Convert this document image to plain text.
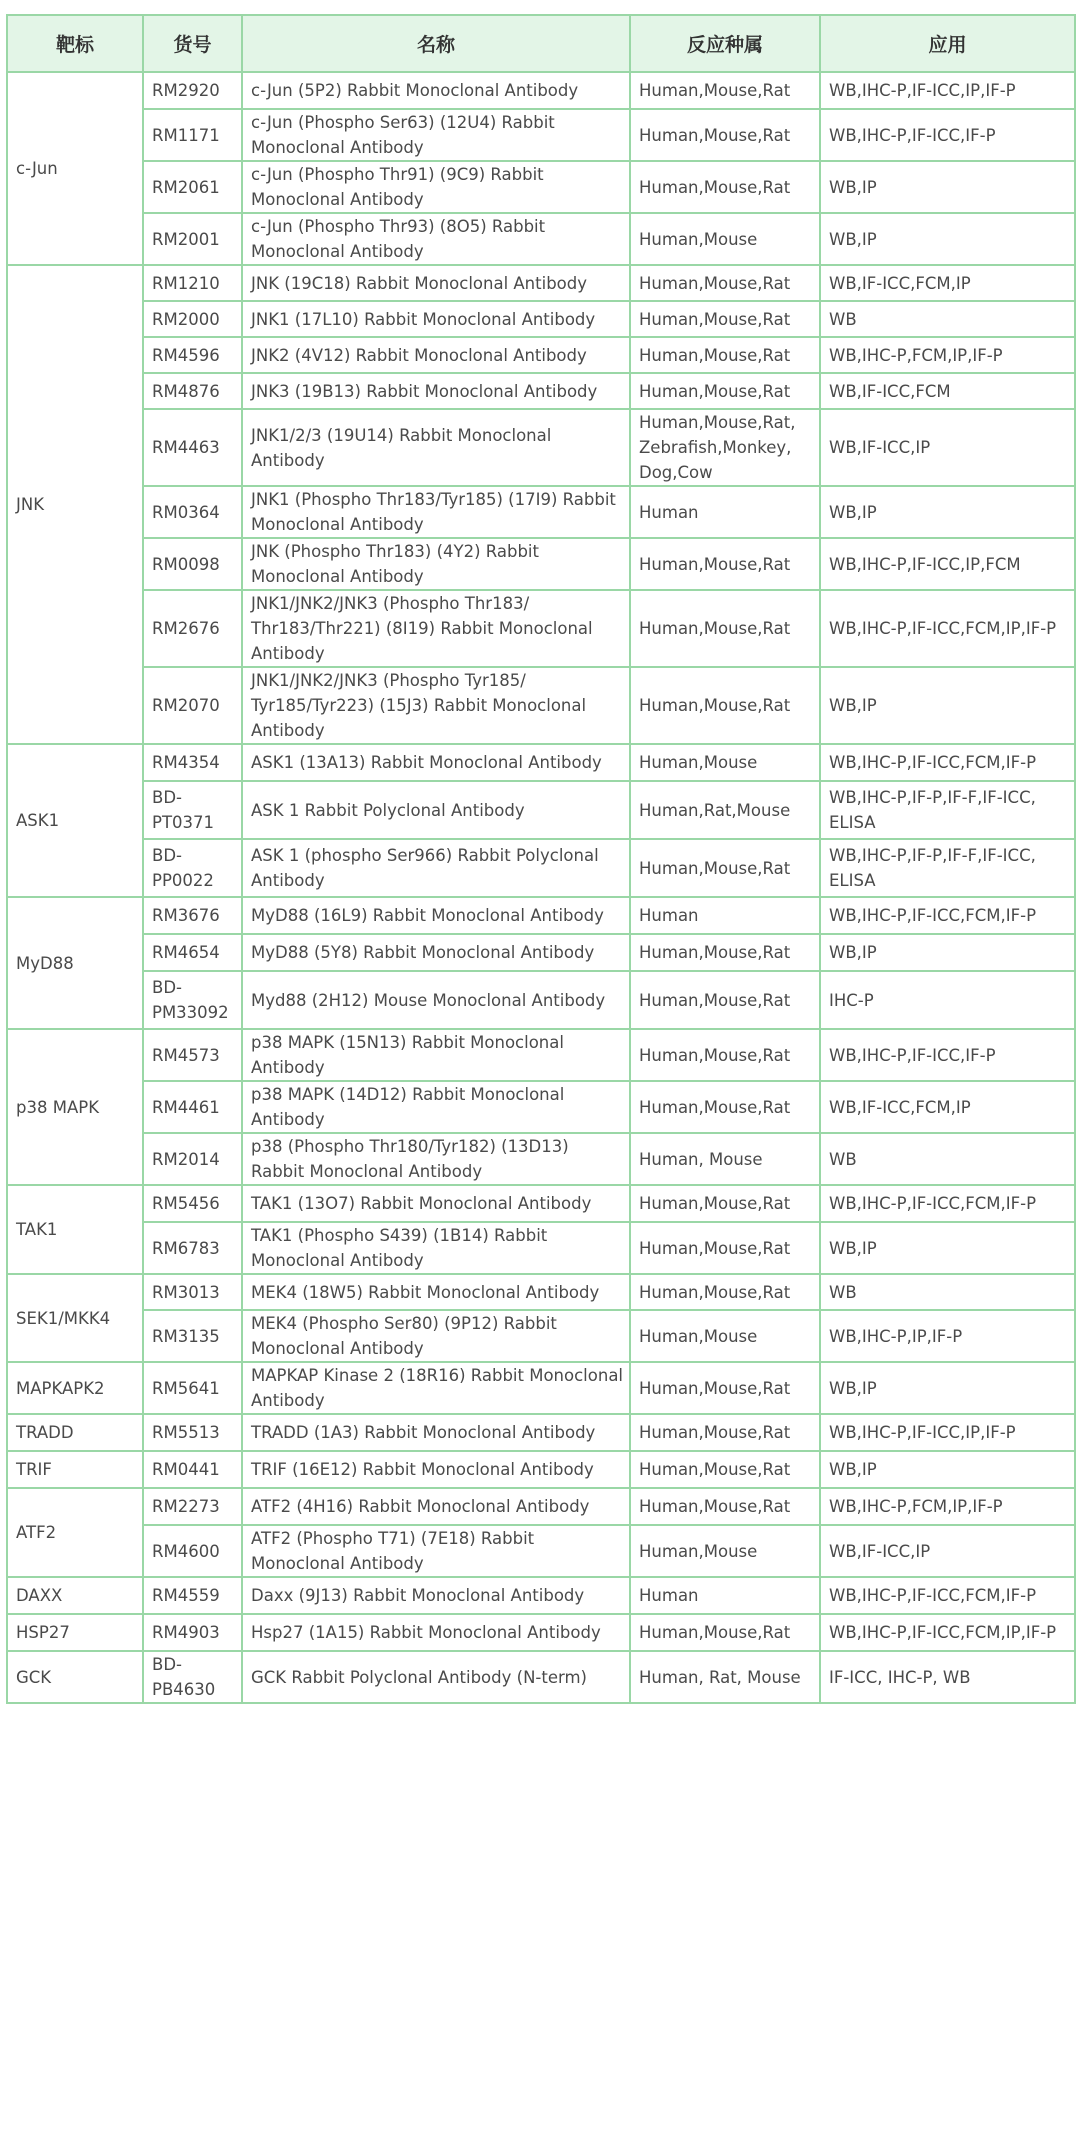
靶标	货号	名称	反应种属	应用
c-Jun	RM2920	c-Jun (5P2) Rabbit Monoclonal Antibody	Human,Mouse,Rat	WB,IHC-P,IF-ICC,IP,IF-P
	RM1171	c-Jun (Phospho Ser63) (12U4) Rabbit Monoclonal Antibody	Human,Mouse,Rat	WB,IHC-P,IF-ICC,IF-P
	RM2061	c-Jun (Phospho Thr91) (9C9) Rabbit Monoclonal Antibody	Human,Mouse,Rat	WB,IP
	RM2001	c-Jun (Phospho Thr93) (8O5) Rabbit Monoclonal Antibody	Human,Mouse	WB,IP
JNK	RM1210	JNK (19C18) Rabbit Monoclonal Antibody	Human,Mouse,Rat	WB,IF-ICC,FCM,IP
	RM2000	JNK1 (17L10) Rabbit Monoclonal Antibody	Human,Mouse,Rat	WB
	RM4596	JNK2 (4V12) Rabbit Monoclonal Antibody	Human,Mouse,Rat	WB,IHC-P,FCM,IP,IF-P
	RM4876	JNK3 (19B13) Rabbit Monoclonal Antibody	Human,Mouse,Rat	WB,IF-ICC,FCM
	RM4463	JNK1/2/3 (19U14) Rabbit Monoclonal Antibody	Human,Mouse,Rat, Zebrafish,Monkey, Dog,Cow	WB,IF-ICC,IP
	RM0364	JNK1 (Phospho Thr183/Tyr185) (17I9) Rabbit Monoclonal Antibody	Human	WB,IP
	RM0098	JNK (Phospho Thr183) (4Y2) Rabbit Monoclonal Antibody	Human,Mouse,Rat	WB,IHC-P,IF-ICC,IP,FCM
	RM2676	JNK1/JNK2/JNK3 (Phospho Thr183/ Thr183/Thr221) (8I19) Rabbit Monoclonal Antibody	Human,Mouse,Rat	WB,IHC-P,IF-ICC,FCM,IP,IF-P
	RM2070	JNK1/JNK2/JNK3 (Phospho Tyr185/ Tyr185/Tyr223) (15J3) Rabbit Monoclonal Antibody	Human,Mouse,Rat	WB,IP
ASK1	RM4354	ASK1 (13A13) Rabbit Monoclonal Antibody	Human,Mouse	WB,IHC-P,IF-ICC,FCM,IF-P
	BD-PT0371	ASK 1 Rabbit Polyclonal Antibody	Human,Rat,Mouse	WB,IHC-P,IF-P,IF-F,IF-ICC, ELISA
	BD-PP0022	ASK 1 (phospho Ser966) Rabbit Polyclonal Antibody	Human,Mouse,Rat	WB,IHC-P,IF-P,IF-F,IF-ICC, ELISA
MyD88	RM3676	MyD88 (16L9) Rabbit Monoclonal Antibody	Human	WB,IHC-P,IF-ICC,FCM,IF-P
	RM4654	MyD88 (5Y8) Rabbit Monoclonal Antibody	Human,Mouse,Rat	WB,IP
	BD-PM33092	Myd88 (2H12) Mouse Monoclonal Antibody	Human,Mouse,Rat	IHC-P
p38 MAPK	RM4573	p38 MAPK (15N13) Rabbit Monoclonal Antibody	Human,Mouse,Rat	WB,IHC-P,IF-ICC,IF-P
	RM4461	p38 MAPK (14D12) Rabbit Monoclonal Antibody	Human,Mouse,Rat	WB,IF-ICC,FCM,IP
	RM2014	p38 (Phospho Thr180/Tyr182) (13D13) Rabbit Monoclonal Antibody	Human, Mouse	WB
TAK1	RM5456	TAK1 (13O7) Rabbit Monoclonal Antibody	Human,Mouse,Rat	WB,IHC-P,IF-ICC,FCM,IF-P
	RM6783	TAK1 (Phospho S439) (1B14) Rabbit Monoclonal Antibody	Human,Mouse,Rat	WB,IP
SEK1/MKK4	RM3013	MEK4 (18W5) Rabbit Monoclonal Antibody	Human,Mouse,Rat	WB
	RM3135	MEK4 (Phospho Ser80) (9P12) Rabbit Monoclonal Antibody	Human,Mouse	WB,IHC-P,IP,IF-P
MAPKAPK2	RM5641	MAPKAP Kinase 2 (18R16) Rabbit Monoclonal Antibody	Human,Mouse,Rat	WB,IP
TRADD	RM5513	TRADD (1A3) Rabbit Monoclonal Antibody	Human,Mouse,Rat	WB,IHC-P,IF-ICC,IP,IF-P
TRIF	RM0441	TRIF (16E12) Rabbit Monoclonal Antibody	Human,Mouse,Rat	WB,IP
ATF2	RM2273	ATF2 (4H16) Rabbit Monoclonal Antibody	Human,Mouse,Rat	WB,IHC-P,FCM,IP,IF-P
	RM4600	ATF2 (Phospho T71) (7E18) Rabbit Monoclonal Antibody	Human,Mouse	WB,IF-ICC,IP
DAXX	RM4559	Daxx (9J13) Rabbit Monoclonal Antibody	Human	WB,IHC-P,IF-ICC,FCM,IF-P
HSP27	RM4903	Hsp27 (1A15) Rabbit Monoclonal Antibody	Human,Mouse,Rat	WB,IHC-P,IF-ICC,FCM,IP,IF-P
GCK	BD-PB4630	GCK Rabbit Polyclonal Antibody (N-term)	Human, Rat, Mouse	IF-ICC, IHC-P, WB
